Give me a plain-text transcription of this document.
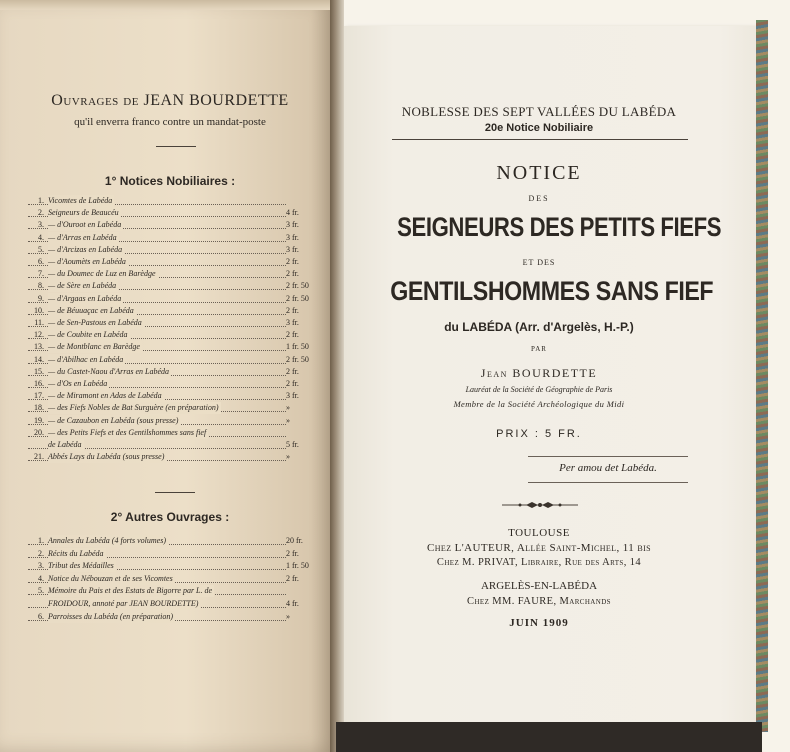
Ouvrages de JEAN BOURDETTE
qu'il enverra franco contre un mandat-poste
1° Notices Nobiliaires :
1. Vicomtes de Labéda
2. Seigneurs de Beaucéu	4 fr.
3. — d'Ouroot en Labéda	3 fr.
4. — d'Arras en Labéda	3 fr.
5. — d'Arcizas en Labéda	3 fr.
6. — d'Aoumèts en Labéda	2 fr.
7. — du Doumec de Luz en Barèdge	2 fr.
8. — de Sère en Labéda	2 fr. 50
9. — d'Argaas en Labéda	2 fr. 50
10. — de Béuuaçac en Labéda	2 fr.
11. — de Sen-Pastous en Labéda	3 fr.
12. — de Coubite en Labéda	2 fr.
13. — de Montblanc en Barèdge	1 fr. 50
14. — d'Abilhac en Labéda	2 fr. 50
15. — du Castet-Naou d'Arras en Labéda	2 fr.
16. — d'Os en Labéda	2 fr.
17. — de Miramont en Adas de Labéda	3 fr.
18. — des Fiefs Nobles de Bat Surguère (en préparation)	»
19. — de Cazaubon en Labéda (sous presse)	»
20. — des Petits Fiefs et des Gentilshommes sans fief
de Labéda	5 fr.
21. Abbés Lays du Labéda (sous presse)	»
2° Autres Ouvrages :
1. Annales du Labéda (4 forts volumes)	20 fr.
2. Récits du Labéda	2 fr.
3. Tribut des Médailles	1 fr. 50
4. Notice du Nébouzan et de ses Vicomtes	2 fr.
5. Mémoire du Pais et des Estats de Bigorre par L. de
FROIDOUR, annoté par JEAN BOURDETTE)	4 fr.
6. Parroisses du Labéda (en préparation)	»
NOBLESSE DES SEPT VALLÉES DU LABÉDA
20e Notice Nobiliaire
NOTICE
DES
SEIGNEURS DES PETITS FIEFS
ET DES
GENTILSHOMMES SANS FIEF
du LABÉDA (Arr. d'Argelès, H.-P.)
PAR
Jean BOURDETTE
Lauréat de la Société de Géographie de Paris
Membre de la Société Archéologique du Midi
PRIX : 5 FR.
Per amou det Labéda.
TOULOUSE
Chez L'AUTEUR, Allée Saint-Michel, 11 bis
Chez M. PRIVAT, Libraire, Rue des Arts, 14
ARGELÈS-EN-LABÉDA
Chez MM. FAURE, Marchands
JUIN 1909
